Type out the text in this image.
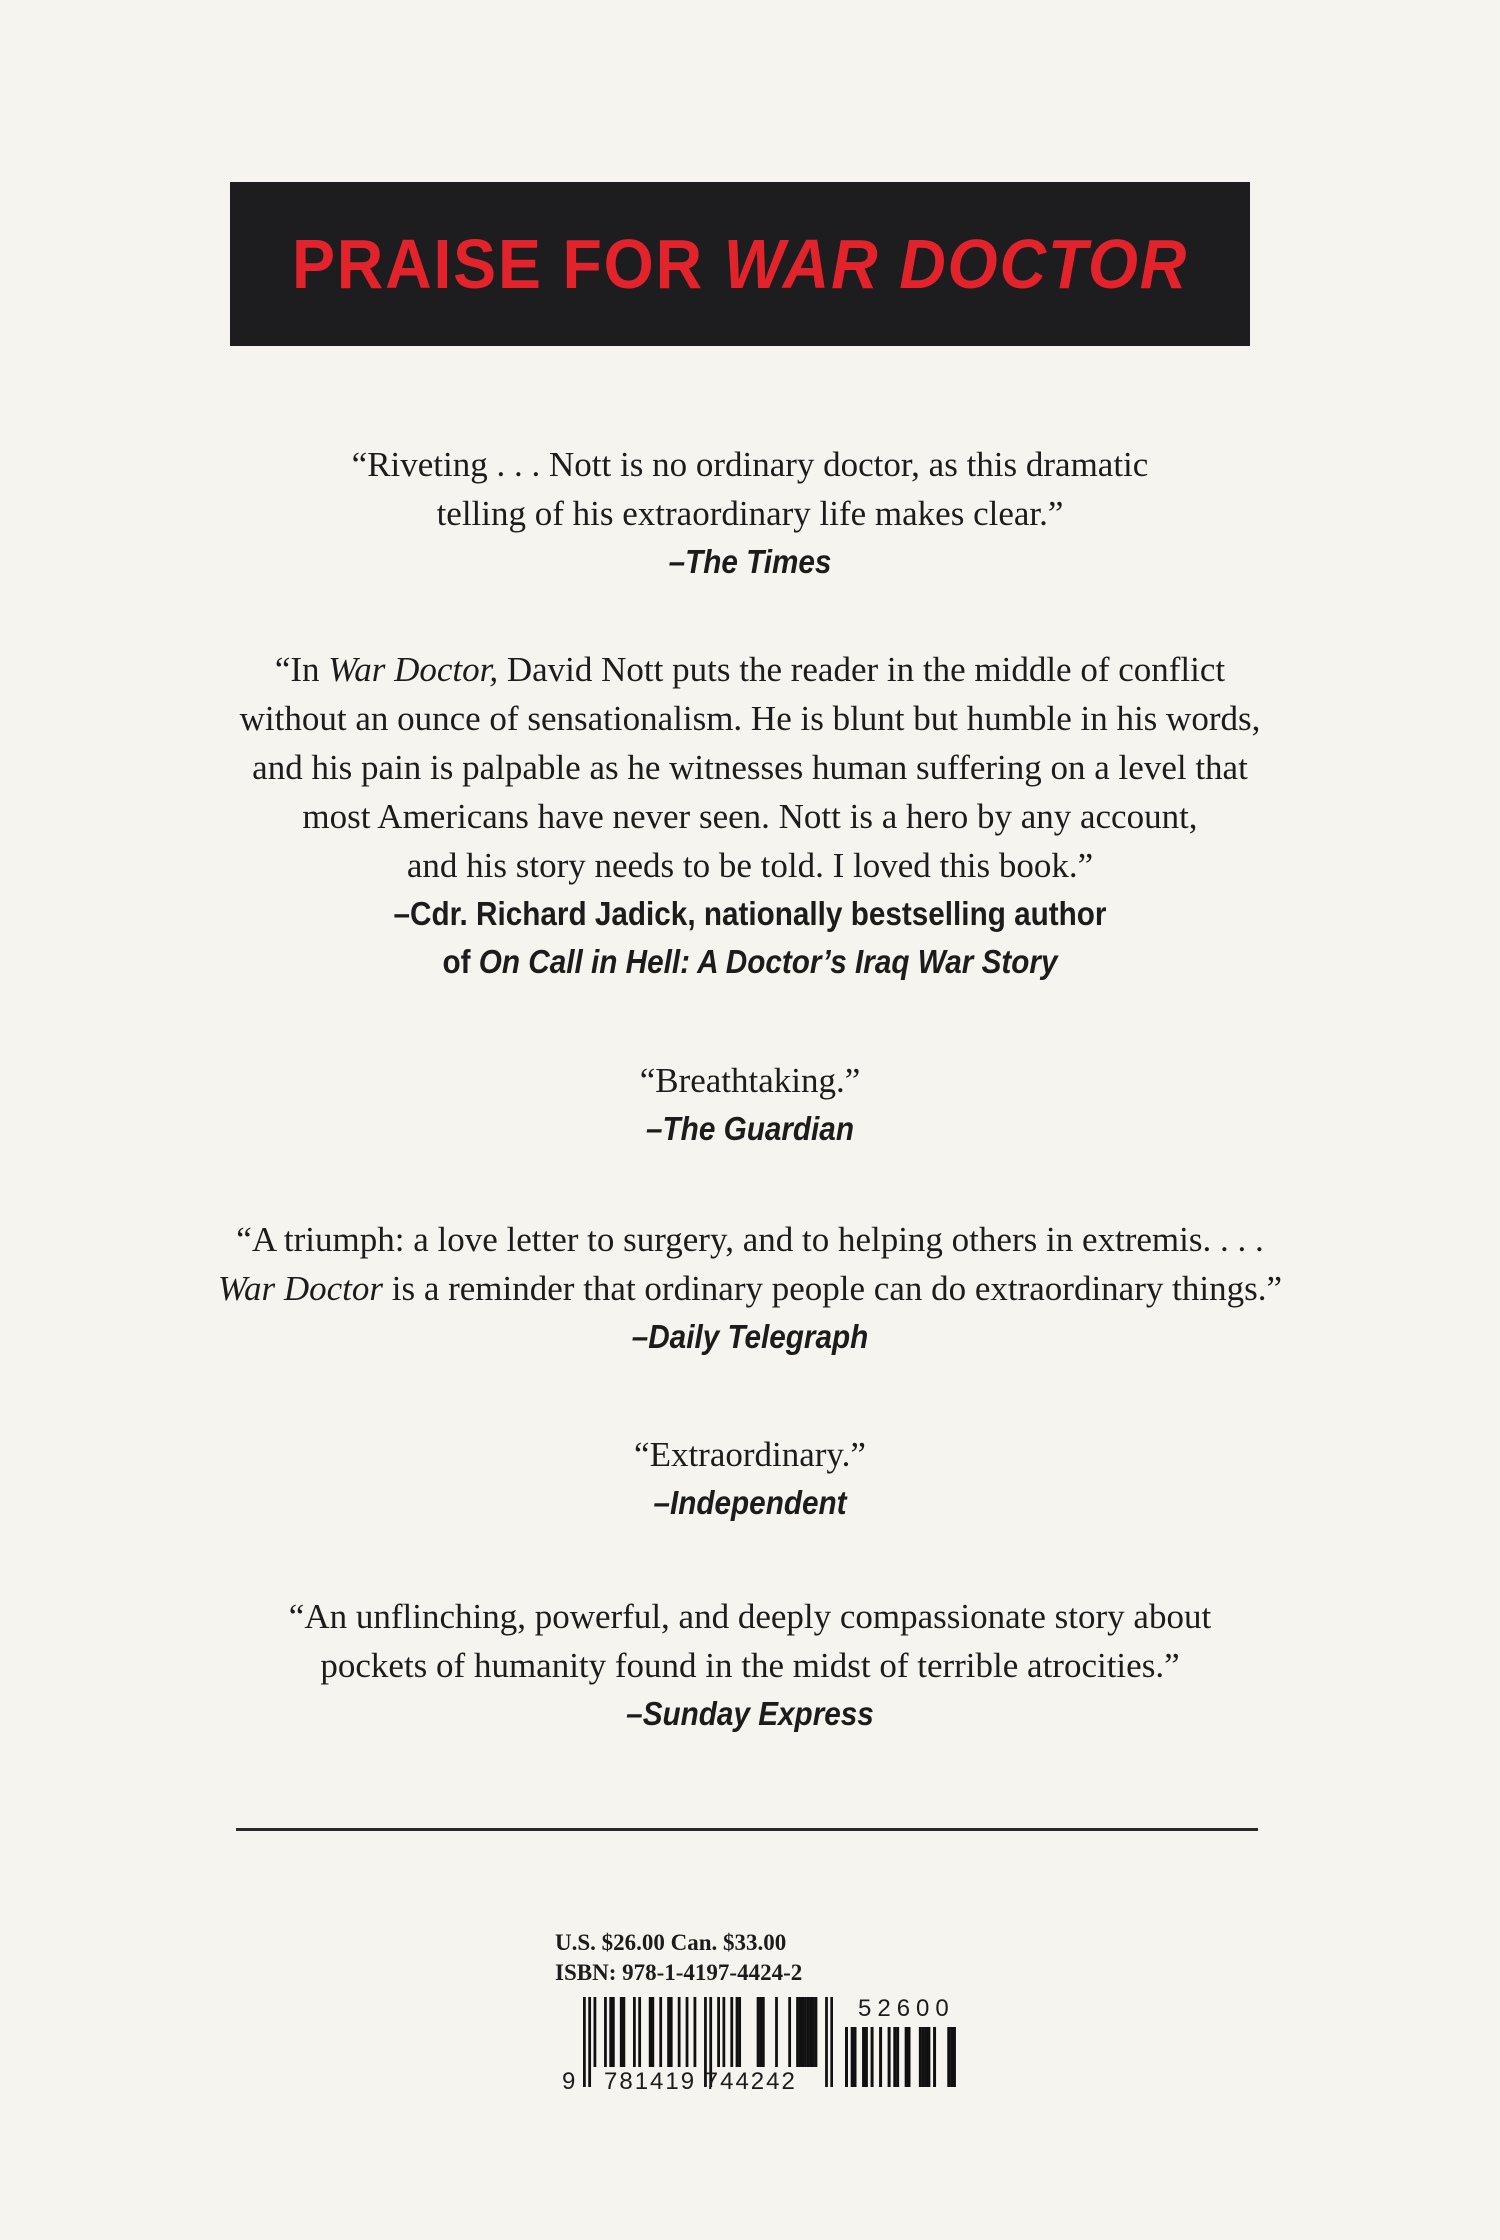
PRAISE FOR WAR DOCTOR
“Riveting . . . Nott is no ordinary doctor, as this dramatic
telling of his extraordinary life makes clear.”
–The Times
“In War Doctor, David Nott puts the reader in the middle of conflict
without an ounce of sensationalism. He is blunt but humble in his words,
and his pain is palpable as he witnesses human suffering on a level that
most Americans have never seen. Nott is a hero by any account,
and his story needs to be told. I loved this book.”
–Cdr. Richard Jadick, nationally bestselling author
of On Call in Hell: A Doctor’s Iraq War Story
“Breathtaking.”
–The Guardian
“A triumph: a love letter to surgery, and to helping others in extremis. . . .
War Doctor is a reminder that ordinary people can do extraordinary things.”
–Daily Telegraph
“Extraordinary.”
–Independent
“An unflinching, powerful, and deeply compassionate story about
pockets of humanity found in the midst of terrible atrocities.”
–Sunday Express
U.S. $26.00 Can. $33.00
ISBN: 978-1-4197-4424-2
9 781419 744242
52600
